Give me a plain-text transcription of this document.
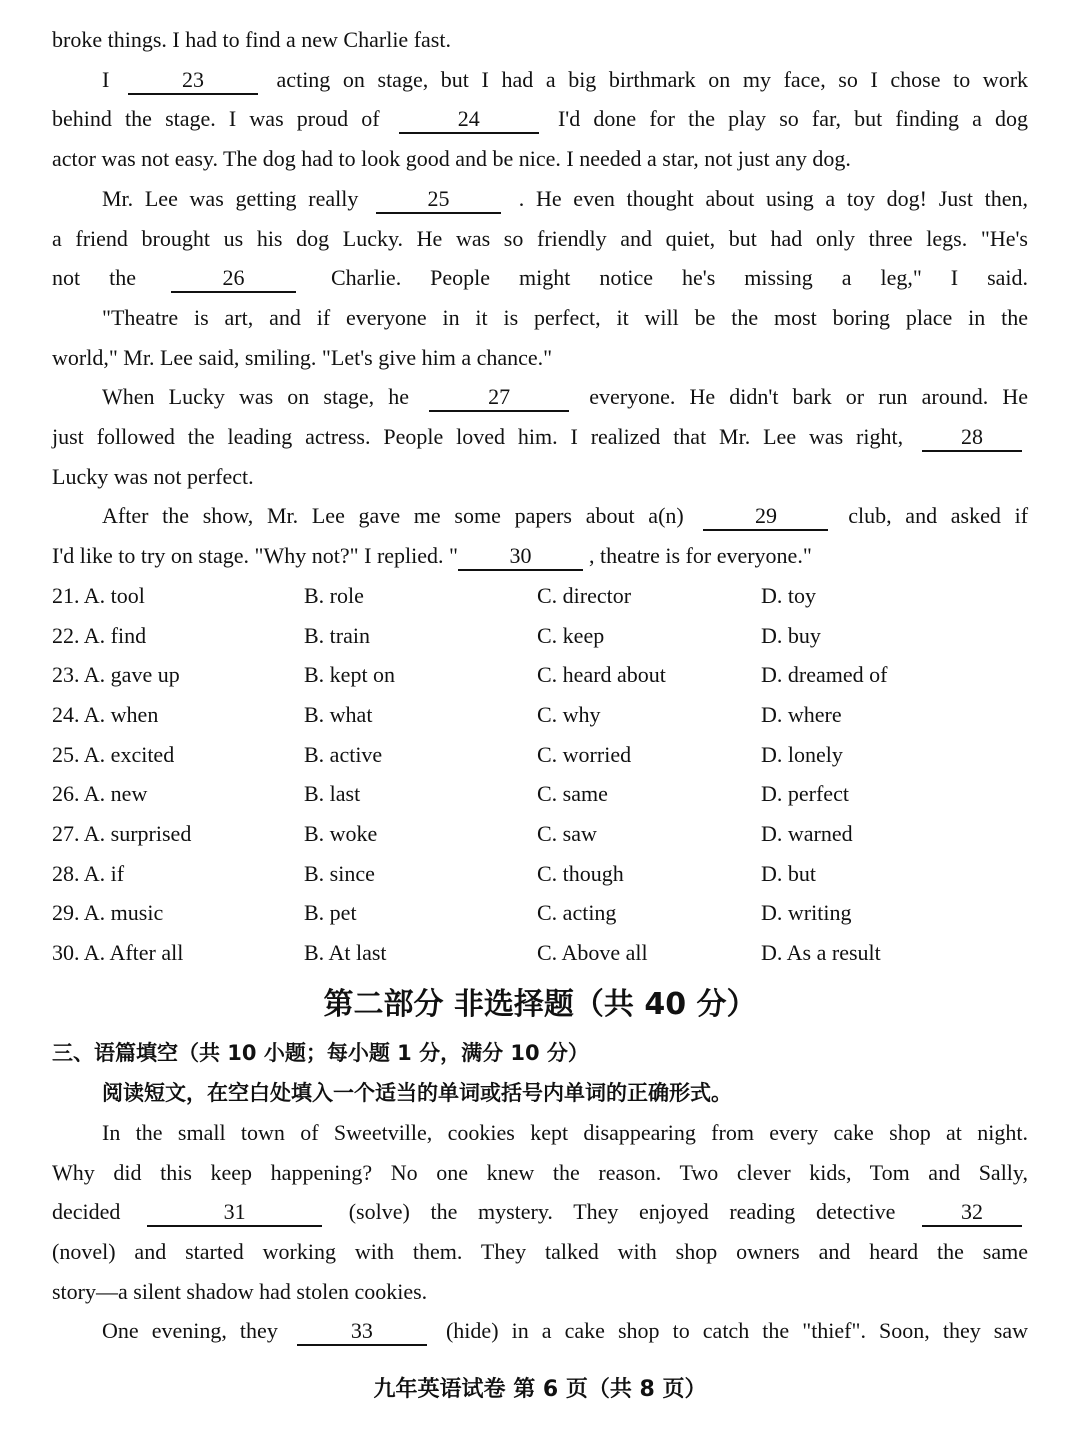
broke things. I had to find a new Charlie fast.
I	23	acting on stage, but I had a big birthmark on my face, so I chose to work
behind the stage. I was proud of	24	I'd done for the play so far, but finding a dog
actor was not easy. The dog had to look good and be nice. I needed a star, not just any dog.
Mr. Lee was getting really	25	. He even thought about using a toy dog! Just then,
a friend brought us his dog Lucky. He was so friendly and quiet, but had only three legs. "He's
not the	26	Charlie. People might notice he's missing a leg," I said.
"Theatre is art, and if everyone in it is perfect, it will be the most boring place in the
world," Mr. Lee said, smiling. "Let's give him a chance."
When Lucky was on stage, he	27	everyone. He didn't bark or run around. He
just followed the leading actress. People loved him. I realized that Mr. Lee was right,	28
Lucky was not perfect.
After the show, Mr. Lee gave me some papers about a(n)	29	club, and asked if
I'd like to try on stage. "Why not?" I replied. " 30	, theatre is for everyone."
21. A. tool	B. role	C. director	D. toy
22. A. find	B. train	C. keep	D. buy
23. A. gave up	B. kept on	C. heard about	D. dreamed of
24. A. when	B. what	C. why	D. where
25. A. excited	B. active	C. worried	D. lonely
26. A. new	B. last	C. same	D. perfect
27. A. surprised	B. woke	C. saw	D. warned
28. A. if	B. since	C. though	D. but
29. A. music	B. pet	C. acting	D. writing
30. A. After all	B. At last	C. Above all	D. As a result
第二部分 非选择题（共 40 分）
三、语篇填空（共 10 小题；每小题 1 分，满分 10 分）
阅读短文，在空白处填入一个适当的单词或括号内单词的正确形式。
In the small town of Sweetville, cookies kept disappearing from every cake shop at night.
Why did this keep happening? No one knew the reason. Two clever kids, Tom and Sally,
decided	31	(solve) the mystery. They enjoyed reading detective	32
(novel) and started working with them. They talked with shop owners and heard the same
story—a silent shadow had stolen cookies.
One evening, they	33	(hide) in a cake shop to catch the "thief". Soon, they saw
九年英语试卷 第 6 页（共 8 页）
